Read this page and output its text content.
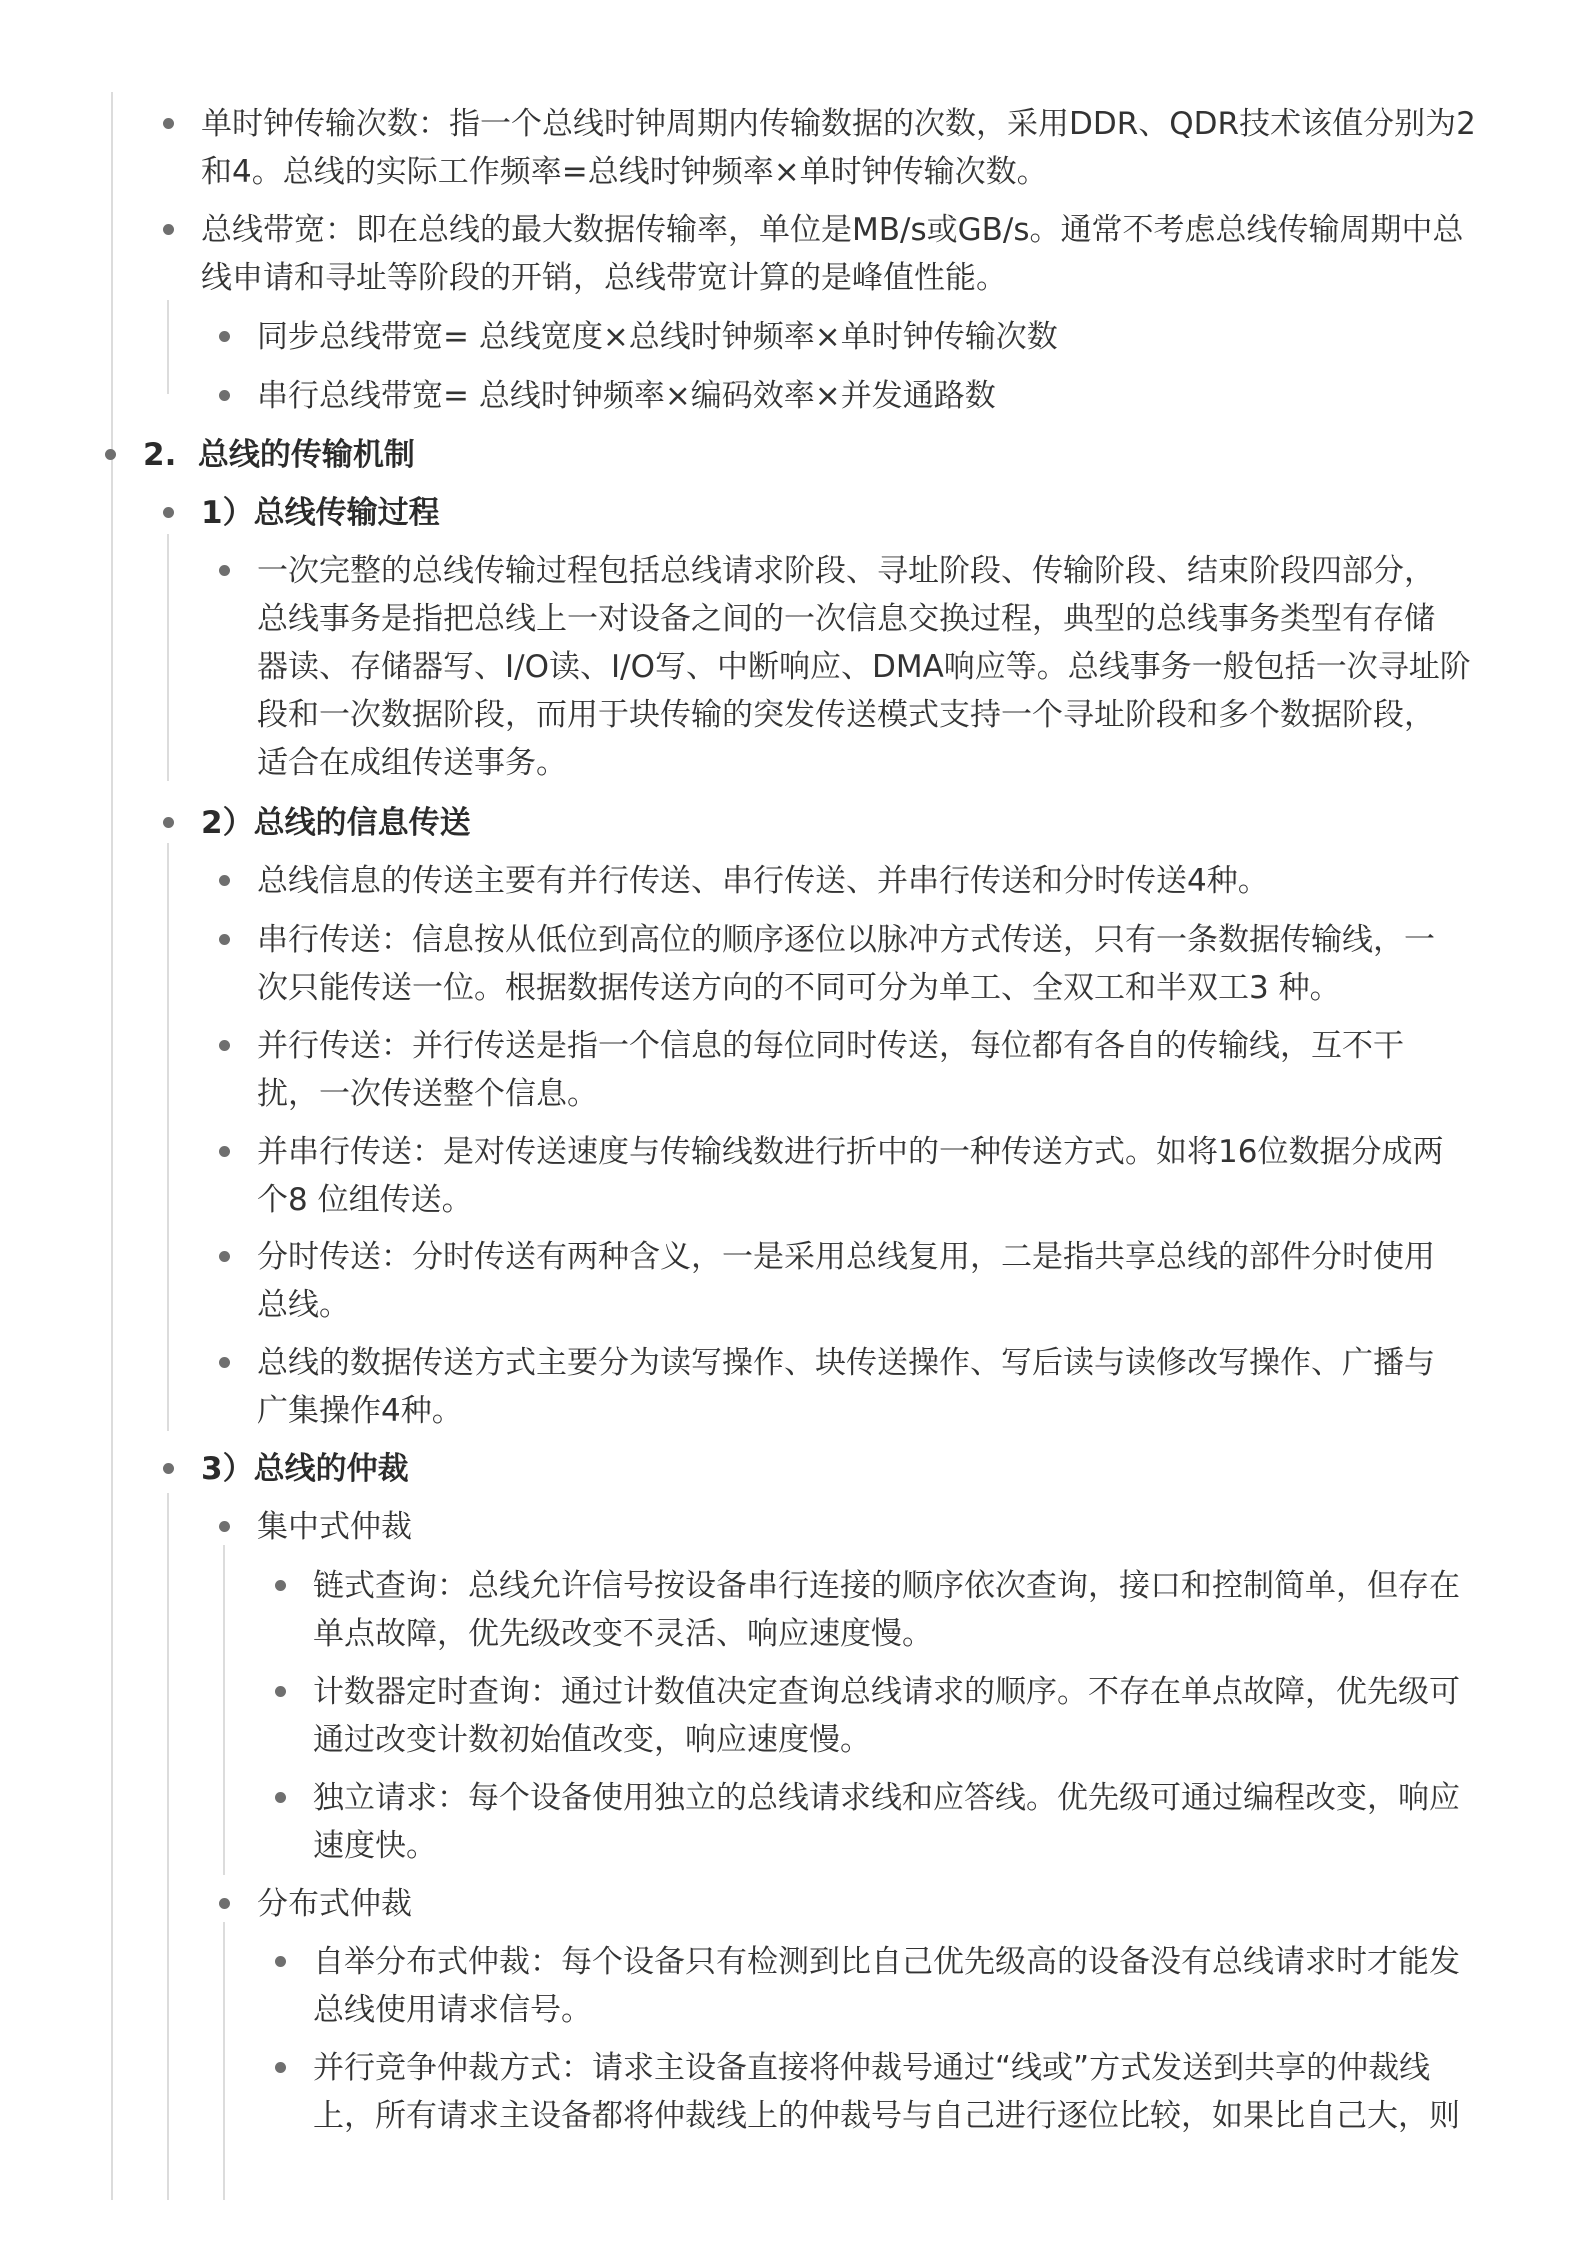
单时钟传输次数：指一个总线时钟周期内传输数据的次数，采用DDR、QDR技术该值分别为2
和4。总线的实际工作频率=总线时钟频率×单时钟传输次数。
总线带宽：即在总线的最大数据传输率，单位是MB/s或GB/s。通常不考虑总线传输周期中总
线申请和寻址等阶段的开销，总线带宽计算的是峰值性能。
同步总线带宽= 总线宽度×总线时钟频率×单时钟传输次数
串行总线带宽= 总线时钟频率×编码效率×并发通路数
2.  总线的传输机制
1）总线传输过程
一次完整的总线传输过程包括总线请求阶段、寻址阶段、传输阶段、结束阶段四部分，
总线事务是指把总线上一对设备之间的一次信息交换过程，典型的总线事务类型有存储
器读、存储器写、I/O读、I/O写、中断响应、DMA响应等。总线事务一般包括一次寻址阶
段和一次数据阶段，而用于块传输的突发传送模式支持一个寻址阶段和多个数据阶段，
适合在成组传送事务。
2）总线的信息传送
总线信息的传送主要有并行传送、串行传送、并串行传送和分时传送4种。
串行传送：信息按从低位到高位的顺序逐位以脉冲方式传送，只有一条数据传输线，一
次只能传送一位。根据数据传送方向的不同可分为单工、全双工和半双工3 种。
并行传送：并行传送是指一个信息的每位同时传送，每位都有各自的传输线，互不干
扰，一次传送整个信息。
并串行传送：是对传送速度与传输线数进行折中的一种传送方式。如将16位数据分成两
个8 位组传送。
分时传送：分时传送有两种含义，一是采用总线复用，二是指共享总线的部件分时使用
总线。
总线的数据传送方式主要分为读写操作、块传送操作、写后读与读修改写操作、广播与
广集操作4种。
3）总线的仲裁
集中式仲裁
链式查询：总线允许信号按设备串行连接的顺序依次查询，接口和控制简单，但存在
单点故障，优先级改变不灵活、响应速度慢。
计数器定时查询：通过计数值决定查询总线请求的顺序。不存在单点故障，优先级可
通过改变计数初始值改变，响应速度慢。
独立请求：每个设备使用独立的总线请求线和应答线。优先级可通过编程改变，响应
速度快。
分布式仲裁
自举分布式仲裁：每个设备只有检测到比自己优先级高的设备没有总线请求时才能发
总线使用请求信号。
并行竞争仲裁方式：请求主设备直接将仲裁号通过“线或”方式发送到共享的仲裁线
上，所有请求主设备都将仲裁线上的仲裁号与自己进行逐位比较，如果比自己大，则
